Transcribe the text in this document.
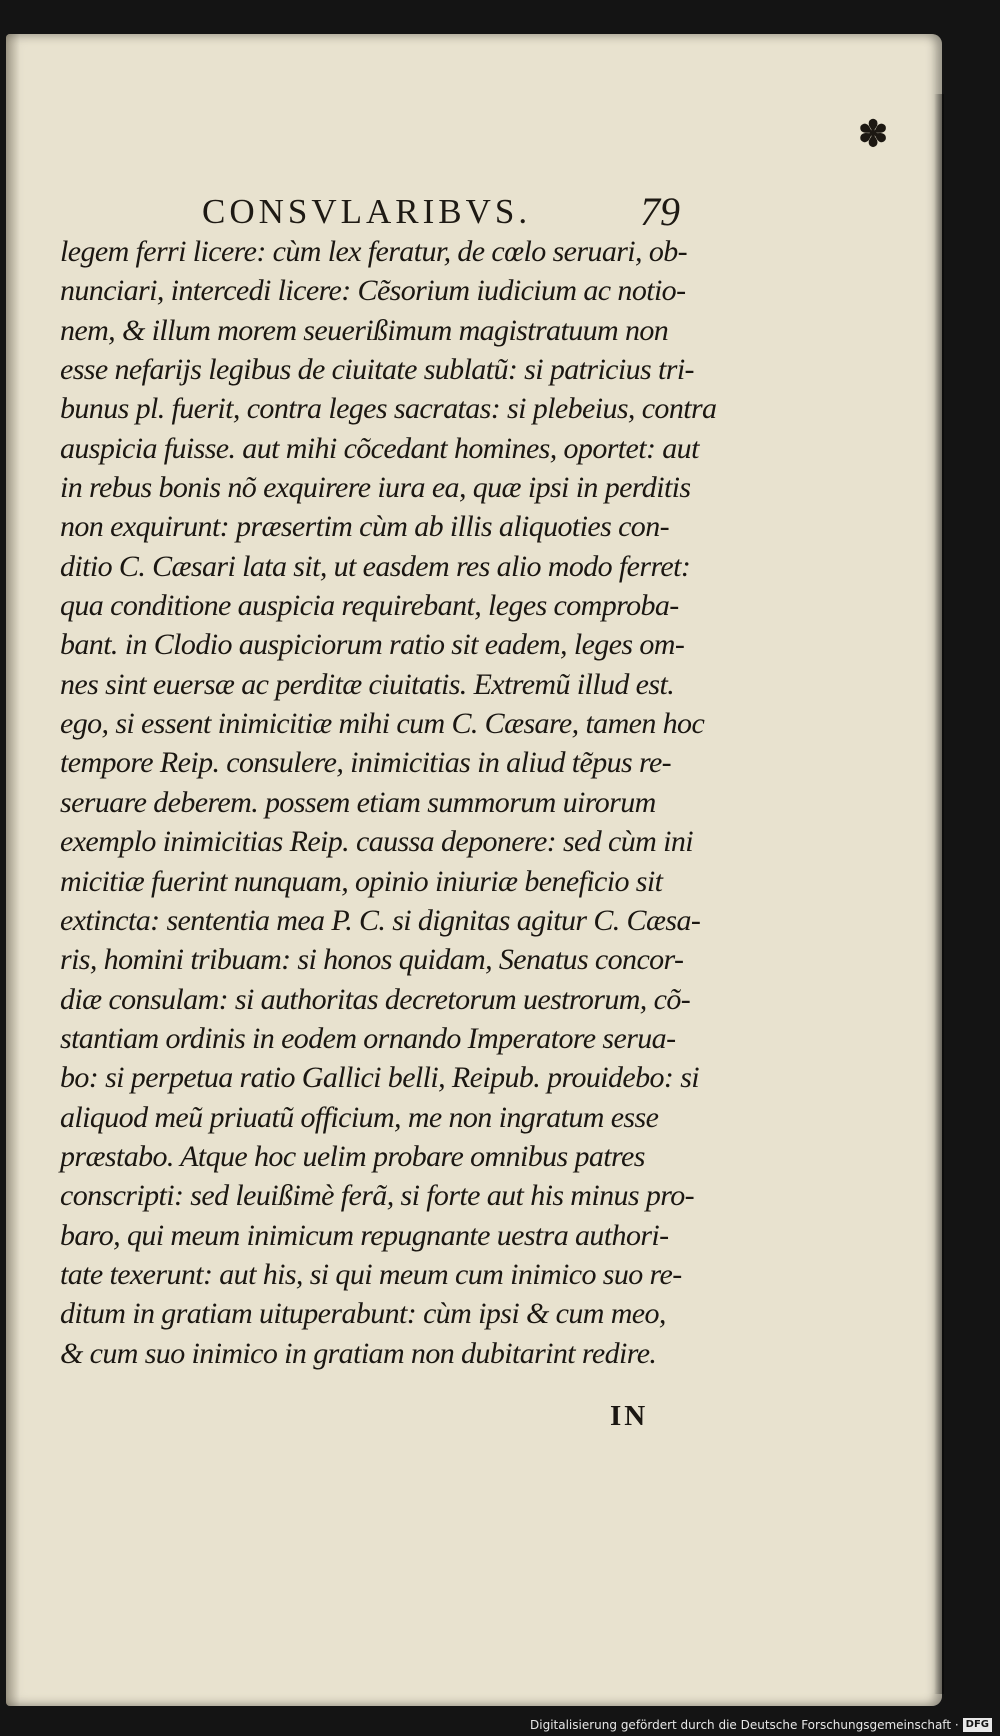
✽
CONSVLARIBVS.	79
legem ferri licere: cùm lex feratur, de cœlo seruari, ob-
nunciari, intercedi licere: Cẽsorium iudicium ac notio-
nem, & illum morem seuerißimum magistratuum non
esse nefarijs legibus de ciuitate sublatũ: si patricius tri-
bunus pl. fuerit, contra leges sacratas: si plebeius, contra
auspicia fuisse. aut mihi cõcedant homines, oportet: aut
in rebus bonis nõ exquirere iura ea, quæ ipsi in perditis
non exquirunt: præsertim cùm ab illis aliquoties con-
ditio C. Cæsari lata sit, ut easdem res alio modo ferret:
qua conditione auspicia requirebant, leges comproba-
bant. in Clodio auspiciorum ratio sit eadem, leges om-
nes sint euersæ ac perditæ ciuitatis. Extremũ illud est.
ego, si essent inimicitiæ mihi cum C. Cæsare, tamen hoc
tempore Reip. consulere, inimicitias in aliud tẽpus re-
seruare deberem. possem etiam summorum uirorum
exemplo inimicitias Reip. caussa deponere: sed cùm ini
micitiæ fuerint nunquam, opinio iniuriæ beneficio sit
extincta: sententia mea P. C. si dignitas agitur C. Cæsa-
ris, homini tribuam: si honos quidam, Senatus concor-
diæ consulam: si authoritas decretorum uestrorum, cõ-
stantiam ordinis in eodem ornando Imperatore serua-
bo: si perpetua ratio Gallici belli, Reipub. prouidebo: si
aliquod meũ priuatũ officium, me non ingratum esse
præstabo. Atque hoc uelim probare omnibus patres
conscripti: sed leuißimè ferã, si forte aut his minus pro-
baro, qui meum inimicum repugnante uestra authori-
tate texerunt: aut his, si qui meum cum inimico suo re-
ditum in gratiam uituperabunt: cùm ipsi & cum meo,
& cum suo inimico in gratiam non dubitarint redire.
IN
Digitalisierung gefördert durch die Deutsche Forschungsgemeinschaft · DFG
